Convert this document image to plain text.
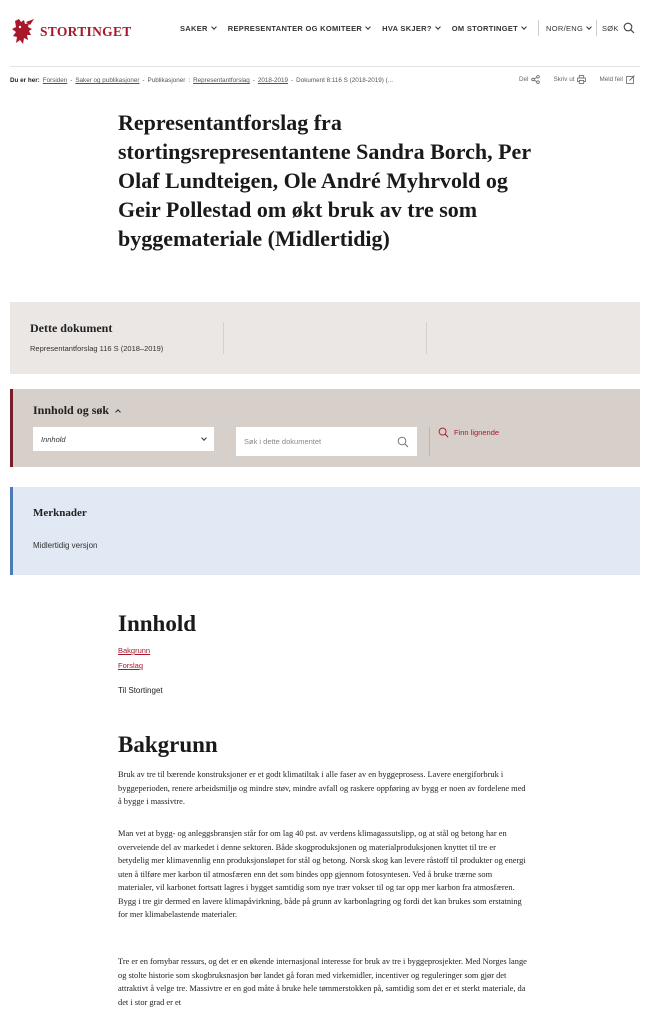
STORTINGET	SAKER	REPRESENTANTER OG KOMITEER	HVA SKJER?	OM STORTINGET	NOR/ENG	SØK
Du er her: Forsiden - Saker og publikasjoner - Publikasjoner : Representantforslag - 2018-2019 - Dokument 8:116 S (2018-2019) (...	Del	Skriv ut	Meld feil
Representantforslag fra stortingsrepresentantene Sandra Borch, Per Olaf Lundteigen, Ole André Myhrvold og Geir Pollestad om økt bruk av tre som byggemateriale (Midlertidig)
Dette dokument

Representantforslag 116 S (2018–2019)

Innhold og søk
Innhold	Søk i dette dokumentet
Finn lignende
Merknader

Midlertidig versjon

Innhold
Bakgrunn
Forslag
Til Stortinget
Bakgrunn

Bruk av tre til bærende konstruksjoner er et godt klimatiltak i alle faser av en byggeprosess. Lavere energiforbruk i byggeperioden, renere arbeidsmiljø og mindre støv, mindre avfall og raskere oppføring av bygg er noen av fordelene med å bygge i massivtre.

Man vet at bygg- og anleggsbransjen står for om lag 40 pst. av verdens klimagassutslipp, og at stål og betong har en overveiende del av markedet i denne sektoren. Både skogproduksjonen og materialproduksjonen knyttet til tre er betydelig mer klimavennlig enn produksjonsløpet for stål og betong. Norsk skog kan levere råstoff til produkter og energi uten å tilføre mer karbon til atmosfæren enn det som bindes opp gjennom fotosyntesen. Ved å bruke trærne som materialer, vil karbonet fortsatt lagres i bygget samtidig som nye trær vokser til og tar opp mer karbon fra atmosfæren. Bygg i tre gir dermed en lavere klimapåvirkning, både på grunn av karbonlagring og fordi det kan brukes som erstatning for mer klimabelastende materialer.

Tre er en fornybar ressurs, og det er en økende internasjonal interesse for bruk av tre i byggeprosjekter. Med Norges lange og stolte historie som skogbruksnasjon bør landet gå foran med virkemidler, incentiver og reguleringer som gjør det attraktivt å velge tre. Massivtre er en god måte å bruke hele tømmerstokken på, samtidig som det er et sterkt materiale, da det i stor grad er et
